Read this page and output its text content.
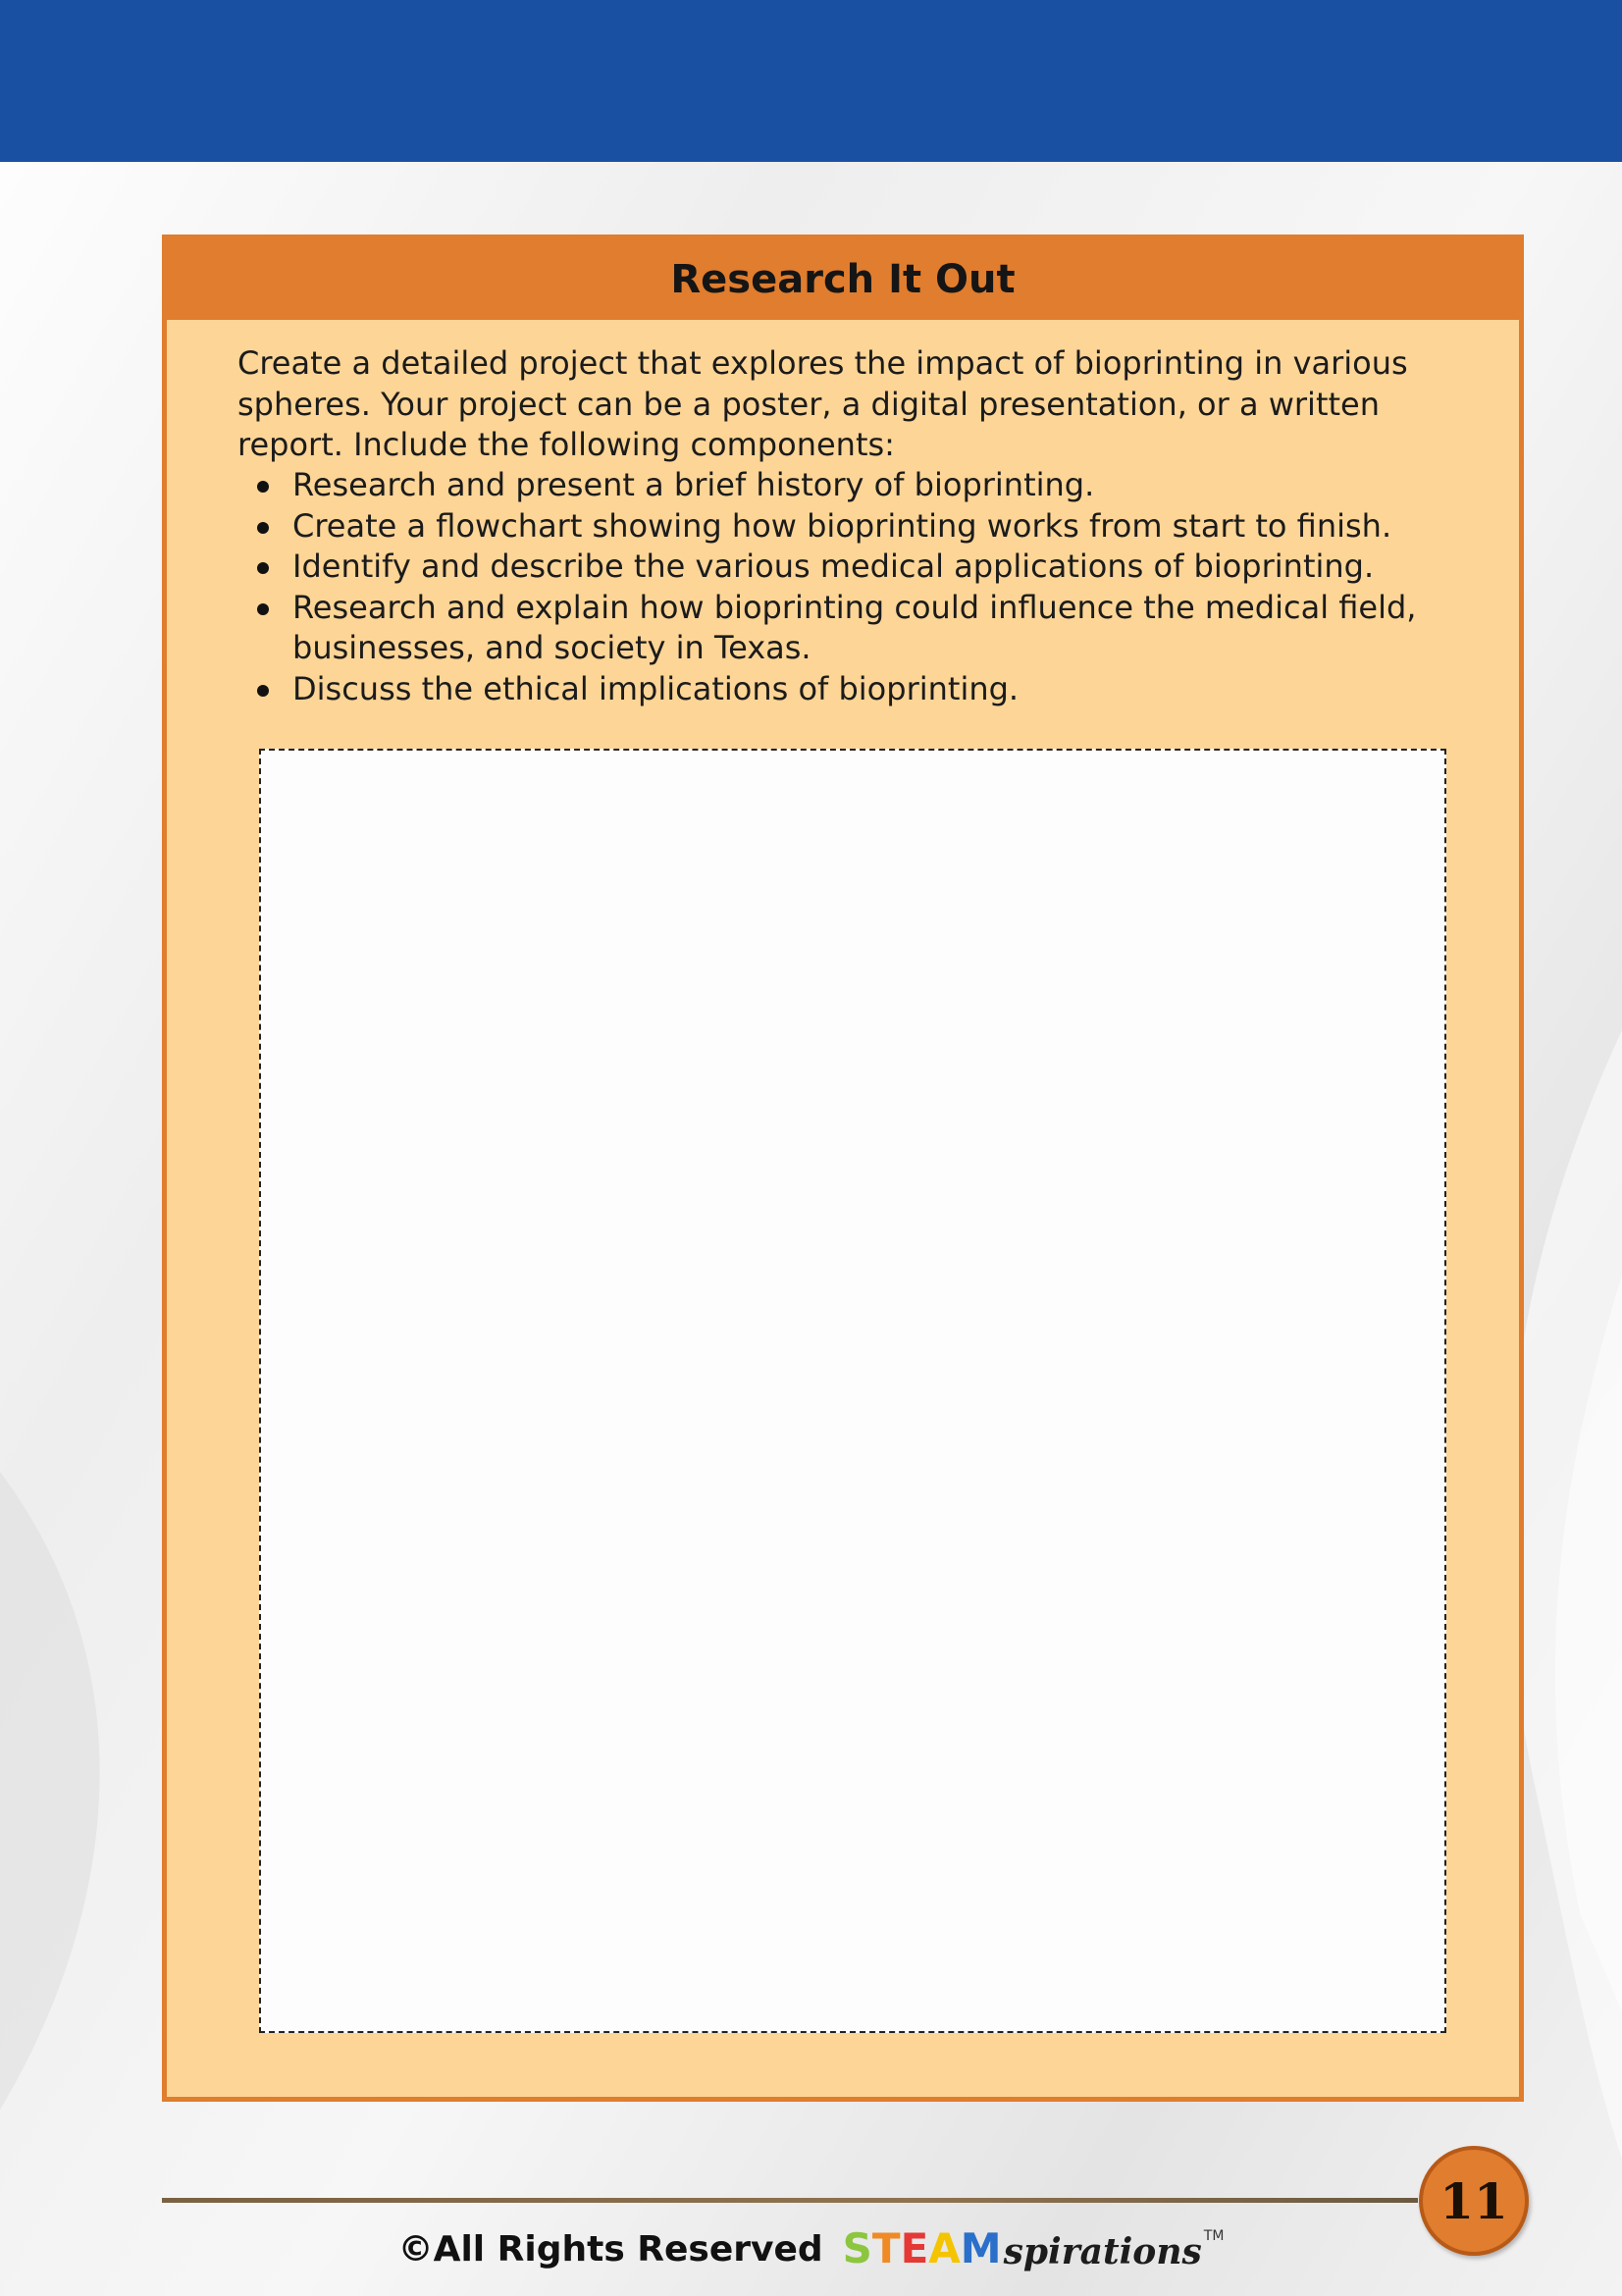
Research It Out

Create a detailed project that explores the impact of bioprinting in various spheres. Your project can be a poster, a digital presentation, or a written report. Include the following components:

Research and present a brief history of bioprinting.
Create a flowchart showing how bioprinting works from start to finish.
Identify and describe the various medical applications of bioprinting.
Research and explain how bioprinting could influence the medical field, businesses, and society in Texas.
Discuss the ethical implications of bioprinting.
11
©All Rights Reserved S T E A M spirations TM
